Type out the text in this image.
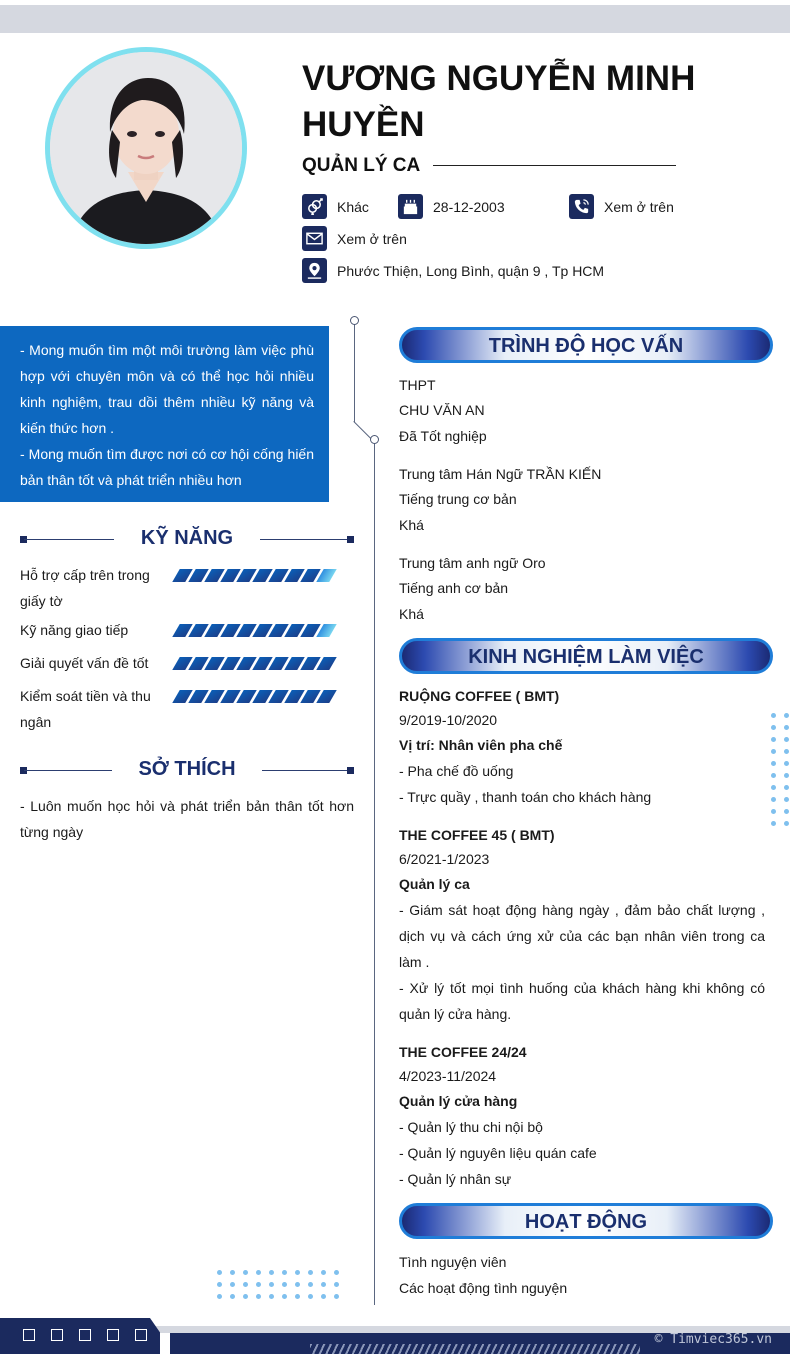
VƯƠNG NGUYỄN MINH HUYỀN
QUẢN LÝ CA
Khác	28-12-2003	Xem ở trên
Xem ở trên
Phước Thiện, Long Bình, quận 9 , Tp HCM
- Mong muốn tìm một môi trường làm việc phù hợp với chuyên môn và có thể học hỏi nhiều kinh nghiệm, trau dồi thêm nhiều kỹ năng và kiến thức hơn .
- Mong muốn tìm được nơi có cơ hội cống hiến bản thân tốt và phát triển nhiều hơn
KỸ NĂNG
Hỗ trợ cấp trên trong giấy tờ
Kỹ năng giao tiếp
Giải quyết vấn đề tốt
Kiểm soát tiền và thu ngân
SỞ THÍCH
- Luôn muốn học hỏi và phát triển bản thân tốt hơn từng ngày
TRÌNH ĐỘ HỌC VẤN
THPT
CHU VĂN AN
Đã Tốt nghiệp
Trung tâm Hán Ngữ TRẦN KIẾN
Tiếng trung cơ bản
Khá
Trung tâm anh ngữ Oro
Tiếng anh cơ bản
Khá
KINH NGHIỆM LÀM VIỆC
RUỘNG COFFEE ( BMT)
9/2019-10/2020
Vị trí: Nhân viên pha chế
- Pha chế đồ uống
- Trực quầy , thanh toán cho khách hàng
THE COFFEE 45 ( BMT)
6/2021-1/2023
Quản lý ca
- Giám sát hoạt động hàng ngày , đảm bảo chất lượng , dịch vụ và cách ứng xử của các bạn nhân viên trong ca làm .
- Xử lý tốt mọi tình huống của khách hàng khi không có quản lý cửa hàng.
THE COFFEE 24/24
4/2023-11/2024
Quản lý cửa hàng
- Quản lý thu chi nội bộ
- Quản lý nguyên liệu quán cafe
- Quản lý nhân sự
HOẠT ĐỘNG
Tình nguyện viên
Các hoạt động tình nguyện
© Timviec365.vn
